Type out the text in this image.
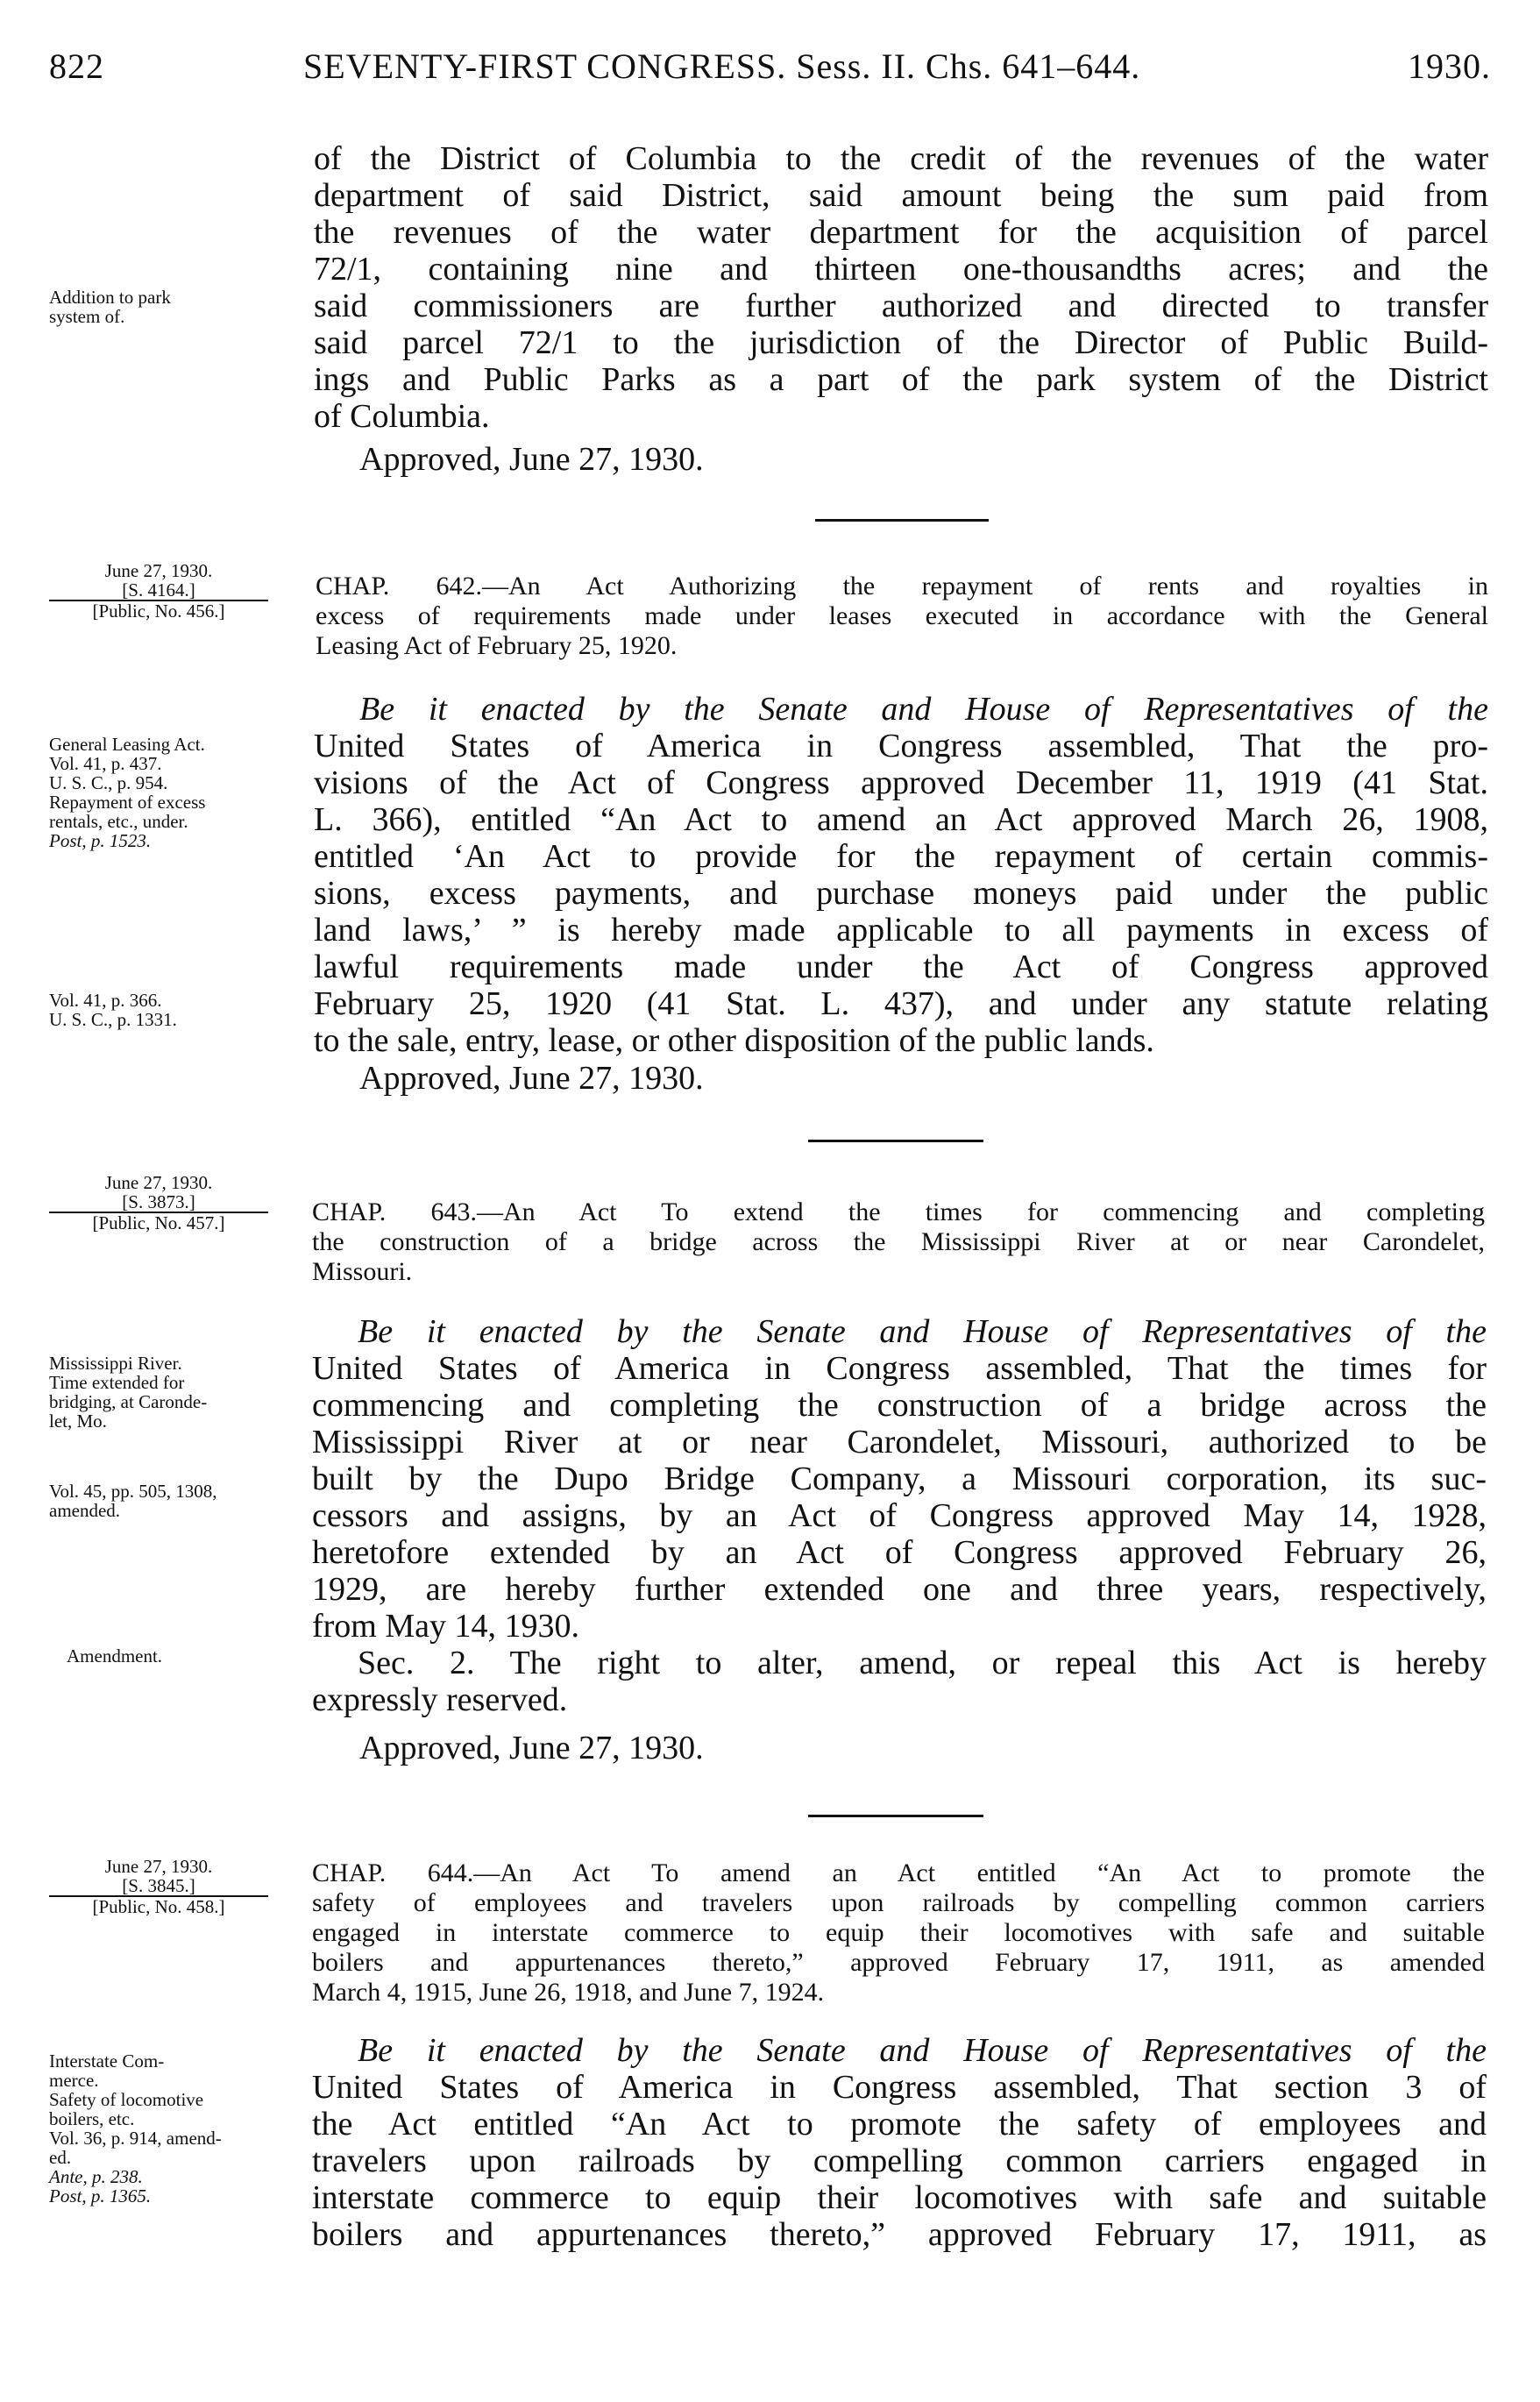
822	SEVENTY-FIRST CONGRESS. Sess. II. Chs. 641–644.	1930.
of the District of Columbia to the credit of the revenues of the water
department of said District, said amount being the sum paid from
the revenues of the water department for the acquisition of parcel
72/1, containing nine and thirteen one-thousandths acres; and the
said commissioners are further authorized and directed to transfer
said parcel 72/1 to the jurisdiction of the Director of Public Build-
ings and Public Parks as a part of the park system of the District
of Columbia.
Addition to park
system of.
Approved, June 27, 1930.
June 27, 1930.
[S. 4164.]
[Public, No. 456.]
CHAP. 642.—An Act Authorizing the repayment of rents and royalties in
excess of requirements made under leases executed in accordance with the General
Leasing Act of February 25, 1920.
Be it enacted by the Senate and House of Representatives of the
United States of America in Congress assembled, That the pro-
visions of the Act of Congress approved December 11, 1919 (41 Stat.
L. 366), entitled “An Act to amend an Act approved March 26, 1908,
entitled ‘An Act to provide for the repayment of certain commis-
sions, excess payments, and purchase moneys paid under the public
land laws,’ ” is hereby made applicable to all payments in excess of
lawful requirements made under the Act of Congress approved
February 25, 1920 (41 Stat. L. 437), and under any statute relating
to the sale, entry, lease, or other disposition of the public lands.
General Leasing Act.
Vol. 41, p. 437.
U. S. C., p. 954.
Repayment of excess
rentals, etc., under.
Post, p. 1523.
Vol. 41, p. 366.
U. S. C., p. 1331.
Approved, June 27, 1930.
June 27, 1930.
[S. 3873.]
[Public, No. 457.]	CHAP. 643.—An Act To extend the times for commencing and completing
the construction of a bridge across the Mississippi River at or near Carondelet,
Missouri.
Be it enacted by the Senate and House of Representatives of the
United States of America in Congress assembled, That the times for
commencing and completing the construction of a bridge across the
Mississippi River at or near Carondelet, Missouri, authorized to be
built by the Dupo Bridge Company, a Missouri corporation, its suc-
cessors and assigns, by an Act of Congress approved May 14, 1928,
heretofore extended by an Act of Congress approved February 26,
1929, are hereby further extended one and three years, respectively,
from May 14, 1930.
Sec. 2. The right to alter, amend, or repeal this Act is hereby
expressly reserved.
Mississippi River.
Time extended for
bridging, at Caronde-
let, Mo.
Vol. 45, pp. 505, 1308,
amended.
Amendment.
Approved, June 27, 1930.
June 27, 1930.
[S. 3845.]
[Public, No. 458.]
CHAP. 644.—An Act To amend an Act entitled “An Act to promote the
safety of employees and travelers upon railroads by compelling common carriers
engaged in interstate commerce to equip their locomotives with safe and suitable
boilers and appurtenances thereto,” approved February 17, 1911, as amended
March 4, 1915, June 26, 1918, and June 7, 1924.
Be it enacted by the Senate and House of Representatives of the
United States of America in Congress assembled, That section 3 of
the Act entitled “An Act to promote the safety of employees and
travelers upon railroads by compelling common carriers engaged in
interstate commerce to equip their locomotives with safe and suitable
boilers and appurtenances thereto,” approved February 17, 1911, as
Interstate Com-
merce.
Safety of locomotive
boilers, etc.
Vol. 36, p. 914, amend-
ed.
Ante, p. 238.
Post, p. 1365.
